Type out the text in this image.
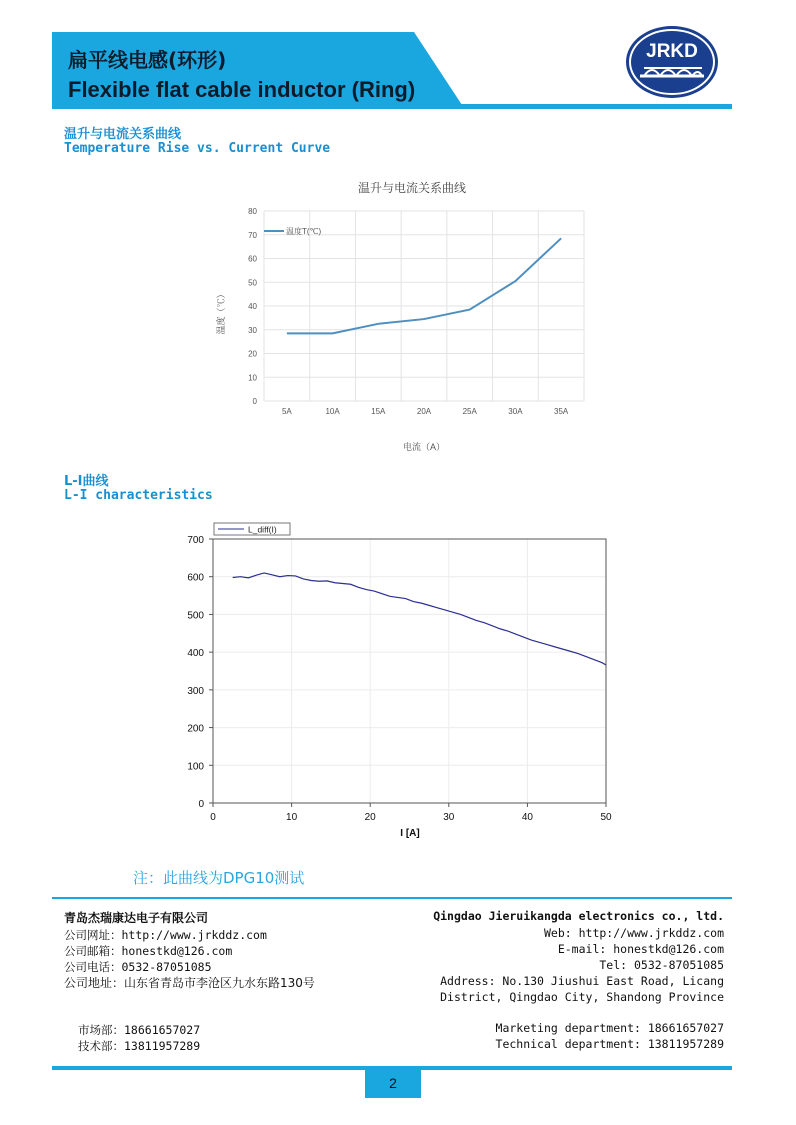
扁平线电感(环形)
Flexible flat cable inductor (Ring)
JRKD
温升与电流关系曲线
Temperature Rise vs. Current Curve
温升与电流关系曲线
0
10
20
30
40
50
60
70
80
5A	10A	15A	20A	25A	30A	35A
温度T(℃)
温度（℃）
电流（A）
L-I曲线
L-I characteristics
0
100
200
300
400
500
600
700
0	10	20	30	40	50
L_diff(I)
I [A]
注：此曲线为DPG10测试
青岛杰瑞康达电子有限公司
公司网址：http://www.jrkddz.com
公司邮箱：honestkd@126.com
公司电话：0532-87051085
公司地址：山东省青岛市李沧区九水东路130号
市场部：18661657027
技术部：13811957289
Qingdao Jieruikangda electronics co., ltd.
Web: http://www.jrkddz.com
E-mail: honestkd@126.com
Tel: 0532-87051085
Address: No.130 Jiushui East Road, Licang
District, Qingdao City, Shandong Province
Marketing department: 18661657027
Technical department: 13811957289
2
